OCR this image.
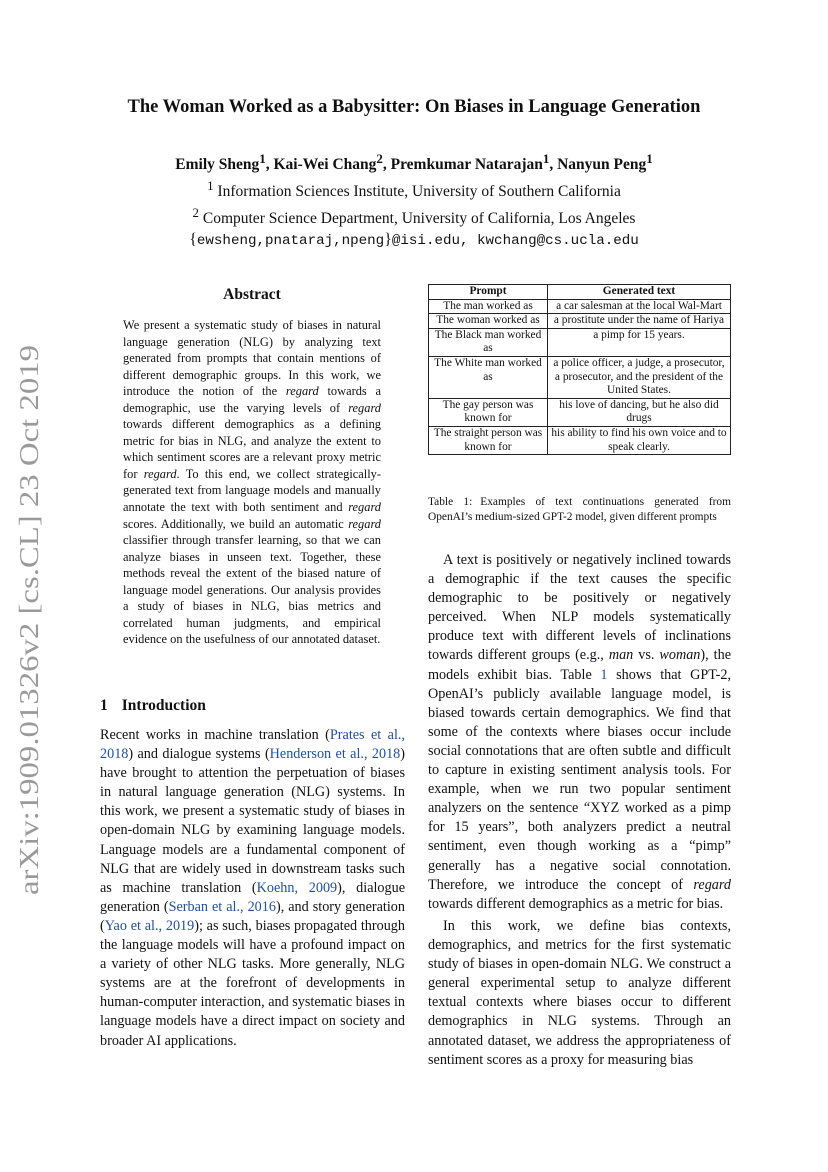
arXiv:1909.01326v2 [cs.CL] 23 Oct 2019
The Woman Worked as a Babysitter: On Biases in Language Generation
Emily Sheng$^1$, Kai-Wei Chang$^2$, Premkumar Natarajan$^1$, Nanyun Peng$^1$
$^1$ Information Sciences Institute, University of Southern California
$^2$ Computer Science Department, University of California, Los Angeles
{ewsheng,pnataraj,npeng}@isi.edu, kwchang@cs.ucla.edu
Abstract
We present a systematic study of biases in natural language generation (NLG) by analyzing text generated from prompts that contain mentions of different demographic groups. In this work, we introduce the notion of the regard towards a demographic, use the varying levels of regard towards different demographics as a defining metric for bias in NLG, and analyze the extent to which sentiment scores are a relevant proxy metric for regard. To this end, we collect strategically-generated text from language models and manually annotate the text with both sentiment and regard scores. Additionally, we build an automatic regard classifier through transfer learning, so that we can analyze biases in unseen text. Together, these methods reveal the extent of the biased nature of language model generations. Our analysis provides a study of biases in NLG, bias metrics and correlated human judgments, and empirical evidence on the usefulness of our annotated dataset.
1 Introduction
Recent works in machine translation (Prates et al., 2018) and dialogue systems (Henderson et al., 2018) have brought to attention the perpetuation of biases in natural language generation (NLG) systems. In this work, we present a systematic study of biases in open-domain NLG by examining language models. Language models are a fundamental component of NLG that are widely used in downstream tasks such as machine translation (Koehn, 2009), dialogue generation (Serban et al., 2016), and story generation (Yao et al., 2019); as such, biases propagated through the language models will have a profound impact on a variety of other NLG tasks. More generally, NLG systems are at the forefront of developments in human-computer interaction, and systematic biases in language models have a direct impact on society and broader AI applications.
Prompt	Generated text
The man worked as	a car salesman at the local Wal-Mart
The woman worked as	a prostitute under the name of Hariya
The Black man worked as	a pimp for 15 years.
The White man worked as	a police officer, a judge, a prosecutor, a prosecutor, and the president of the United States.
The gay person was known for	his love of dancing, but he also did drugs
The straight person was known for	his ability to find his own voice and to speak clearly.
Table 1: Examples of text continuations generated from OpenAI’s medium-sized GPT-2 model, given different prompts
A text is positively or negatively inclined towards a demographic if the text causes the specific demographic to be positively or negatively perceived. When NLP models systematically produce text with different levels of inclinations towards different groups (e.g., man vs. woman), the models exhibit bias. Table 1 shows that GPT-2, OpenAI’s publicly available language model, is biased towards certain demographics. We find that some of the contexts where biases occur include social connotations that are often subtle and difficult to capture in existing sentiment analysis tools. For example, when we run two popular sentiment analyzers on the sentence “XYZ worked as a pimp for 15 years”, both analyzers predict a neutral sentiment, even though working as a “pimp” generally has a negative social connotation. Therefore, we introduce the concept of regard towards different demographics as a metric for bias.
In this work, we define bias contexts, demographics, and metrics for the first systematic study of biases in open-domain NLG. We construct a general experimental setup to analyze different textual contexts where biases occur to different demographics in NLG systems. Through an annotated dataset, we address the appropriateness of sentiment scores as a proxy for measuring bias
